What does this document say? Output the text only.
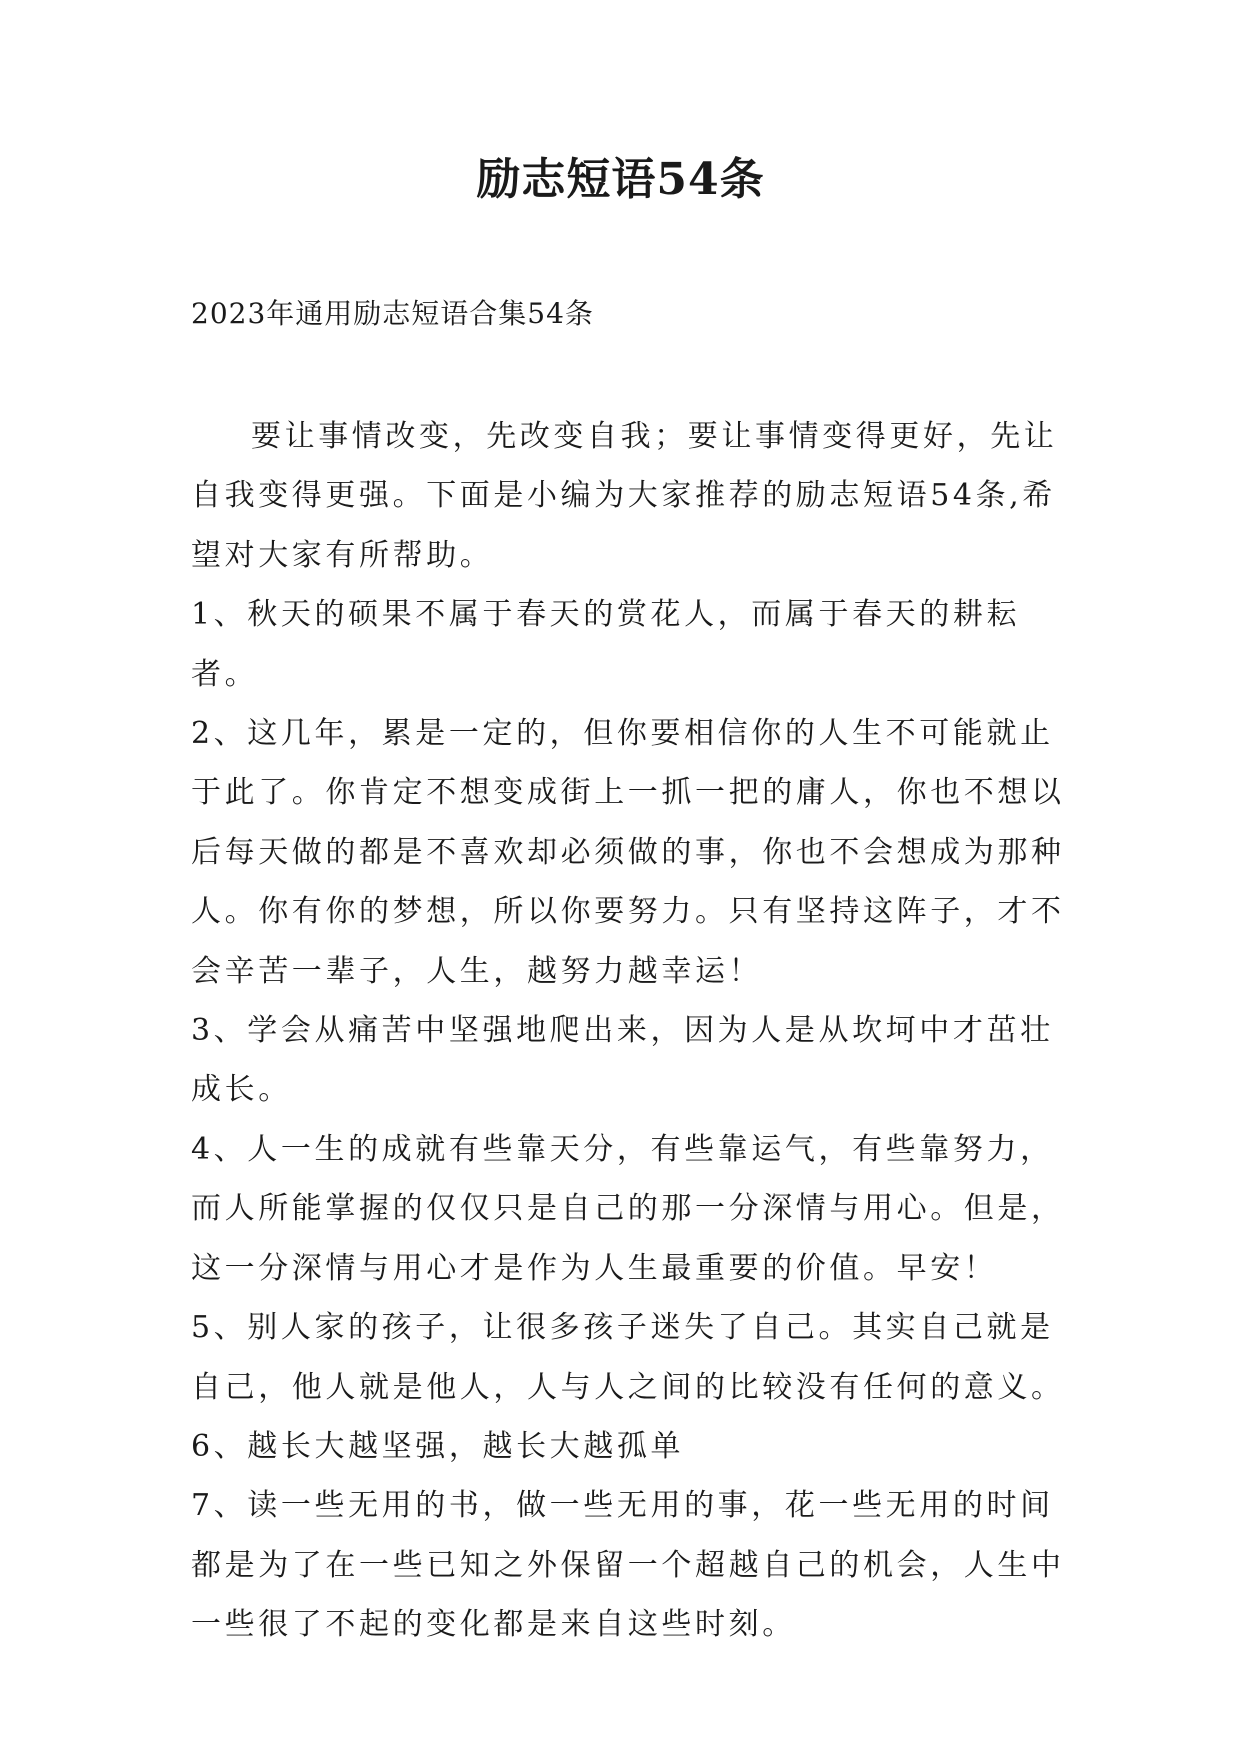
励志短语54条

2023年通用励志短语合集54条

要让事情改变，先改变自我；要让事情变得更好，先让自我变得更强。下面是小编为大家推荐的励志短语54条,希望对大家有所帮助。

1、秋天的硕果不属于春天的赏花人，而属于春天的耕耘者。

2、这几年，累是一定的，但你要相信你的人生不可能就止于此了。你肯定不想变成街上一抓一把的庸人，你也不想以后每天做的都是不喜欢却必须做的事，你也不会想成为那种人。你有你的梦想，所以你要努力。只有坚持这阵子，才不会辛苦一辈子，人生，越努力越幸运！

3、学会从痛苦中坚强地爬出来，因为人是从坎坷中才茁壮成长。

4、人一生的成就有些靠天分，有些靠运气，有些靠努力，而人所能掌握的仅仅只是自己的那一分深情与用心。但是，这一分深情与用心才是作为人生最重要的价值。早安！

5、别人家的孩子，让很多孩子迷失了自己。其实自己就是自己，他人就是他人，人与人之间的比较没有任何的意义。

6、越长大越坚强，越长大越孤单

7、读一些无用的书，做一些无用的事，花一些无用的时间都是为了在一些已知之外保留一个超越自己的机会，人生中一些很了不起的变化都是来自这些时刻。
